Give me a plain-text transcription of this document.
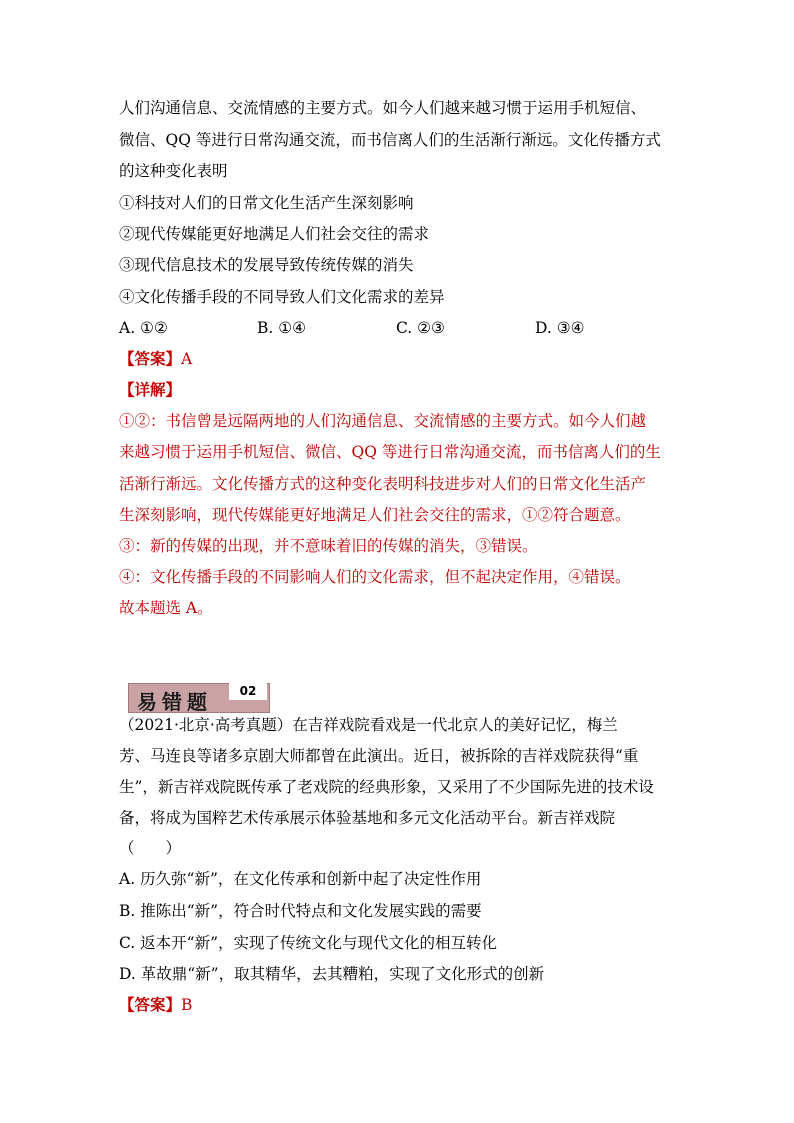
人们沟通信息、交流情感的主要方式。如今人们越来越习惯于运用手机短信、
微信、QQ 等进行日常沟通交流，而书信离人们的生活渐行渐远。文化传播方式
的这种变化表明
①科技对人们的日常文化生活产生深刻影响
②现代传媒能更好地满足人们社会交往的需求
③现代信息技术的发展导致传统传媒的消失
④文化传播手段的不同导致人们文化需求的差异
A. ①②	B. ①④	C. ②③	D. ③④
【答案】A
【详解】
①②：书信曾是远隔两地的人们沟通信息、交流情感的主要方式。如今人们越
来越习惯于运用手机短信、微信、QQ 等进行日常沟通交流，而书信离人们的生
活渐行渐远。文化传播方式的这种变化表明科技进步对人们的日常文化生活产
生深刻影响，现代传媒能更好地满足人们社会交往的需求，①②符合题意。
③：新的传媒的出现，并不意味着旧的传媒的消失，③错误。
④：文化传播手段的不同影响人们的文化需求，但不起决定作用，④错误。
故本题选 A。
易错题	02
（2021·北京·高考真题）在吉祥戏院看戏是一代北京人的美好记忆，梅兰
芳、马连良等诸多京剧大师都曾在此演出。近日，被拆除的吉祥戏院获得“重
生”，新吉祥戏院既传承了老戏院的经典形象，又采用了不少国际先进的技术设
备，将成为国粹艺术传承展示体验基地和多元文化活动平台。新吉祥戏院
（　　）
A. 历久弥“新”，在文化传承和创新中起了决定性作用
B. 推陈出“新”，符合时代特点和文化发展实践的需要
C. 返本开“新”，实现了传统文化与现代文化的相互转化
D. 革故鼎“新”，取其精华，去其糟粕，实现了文化形式的创新
【答案】B
